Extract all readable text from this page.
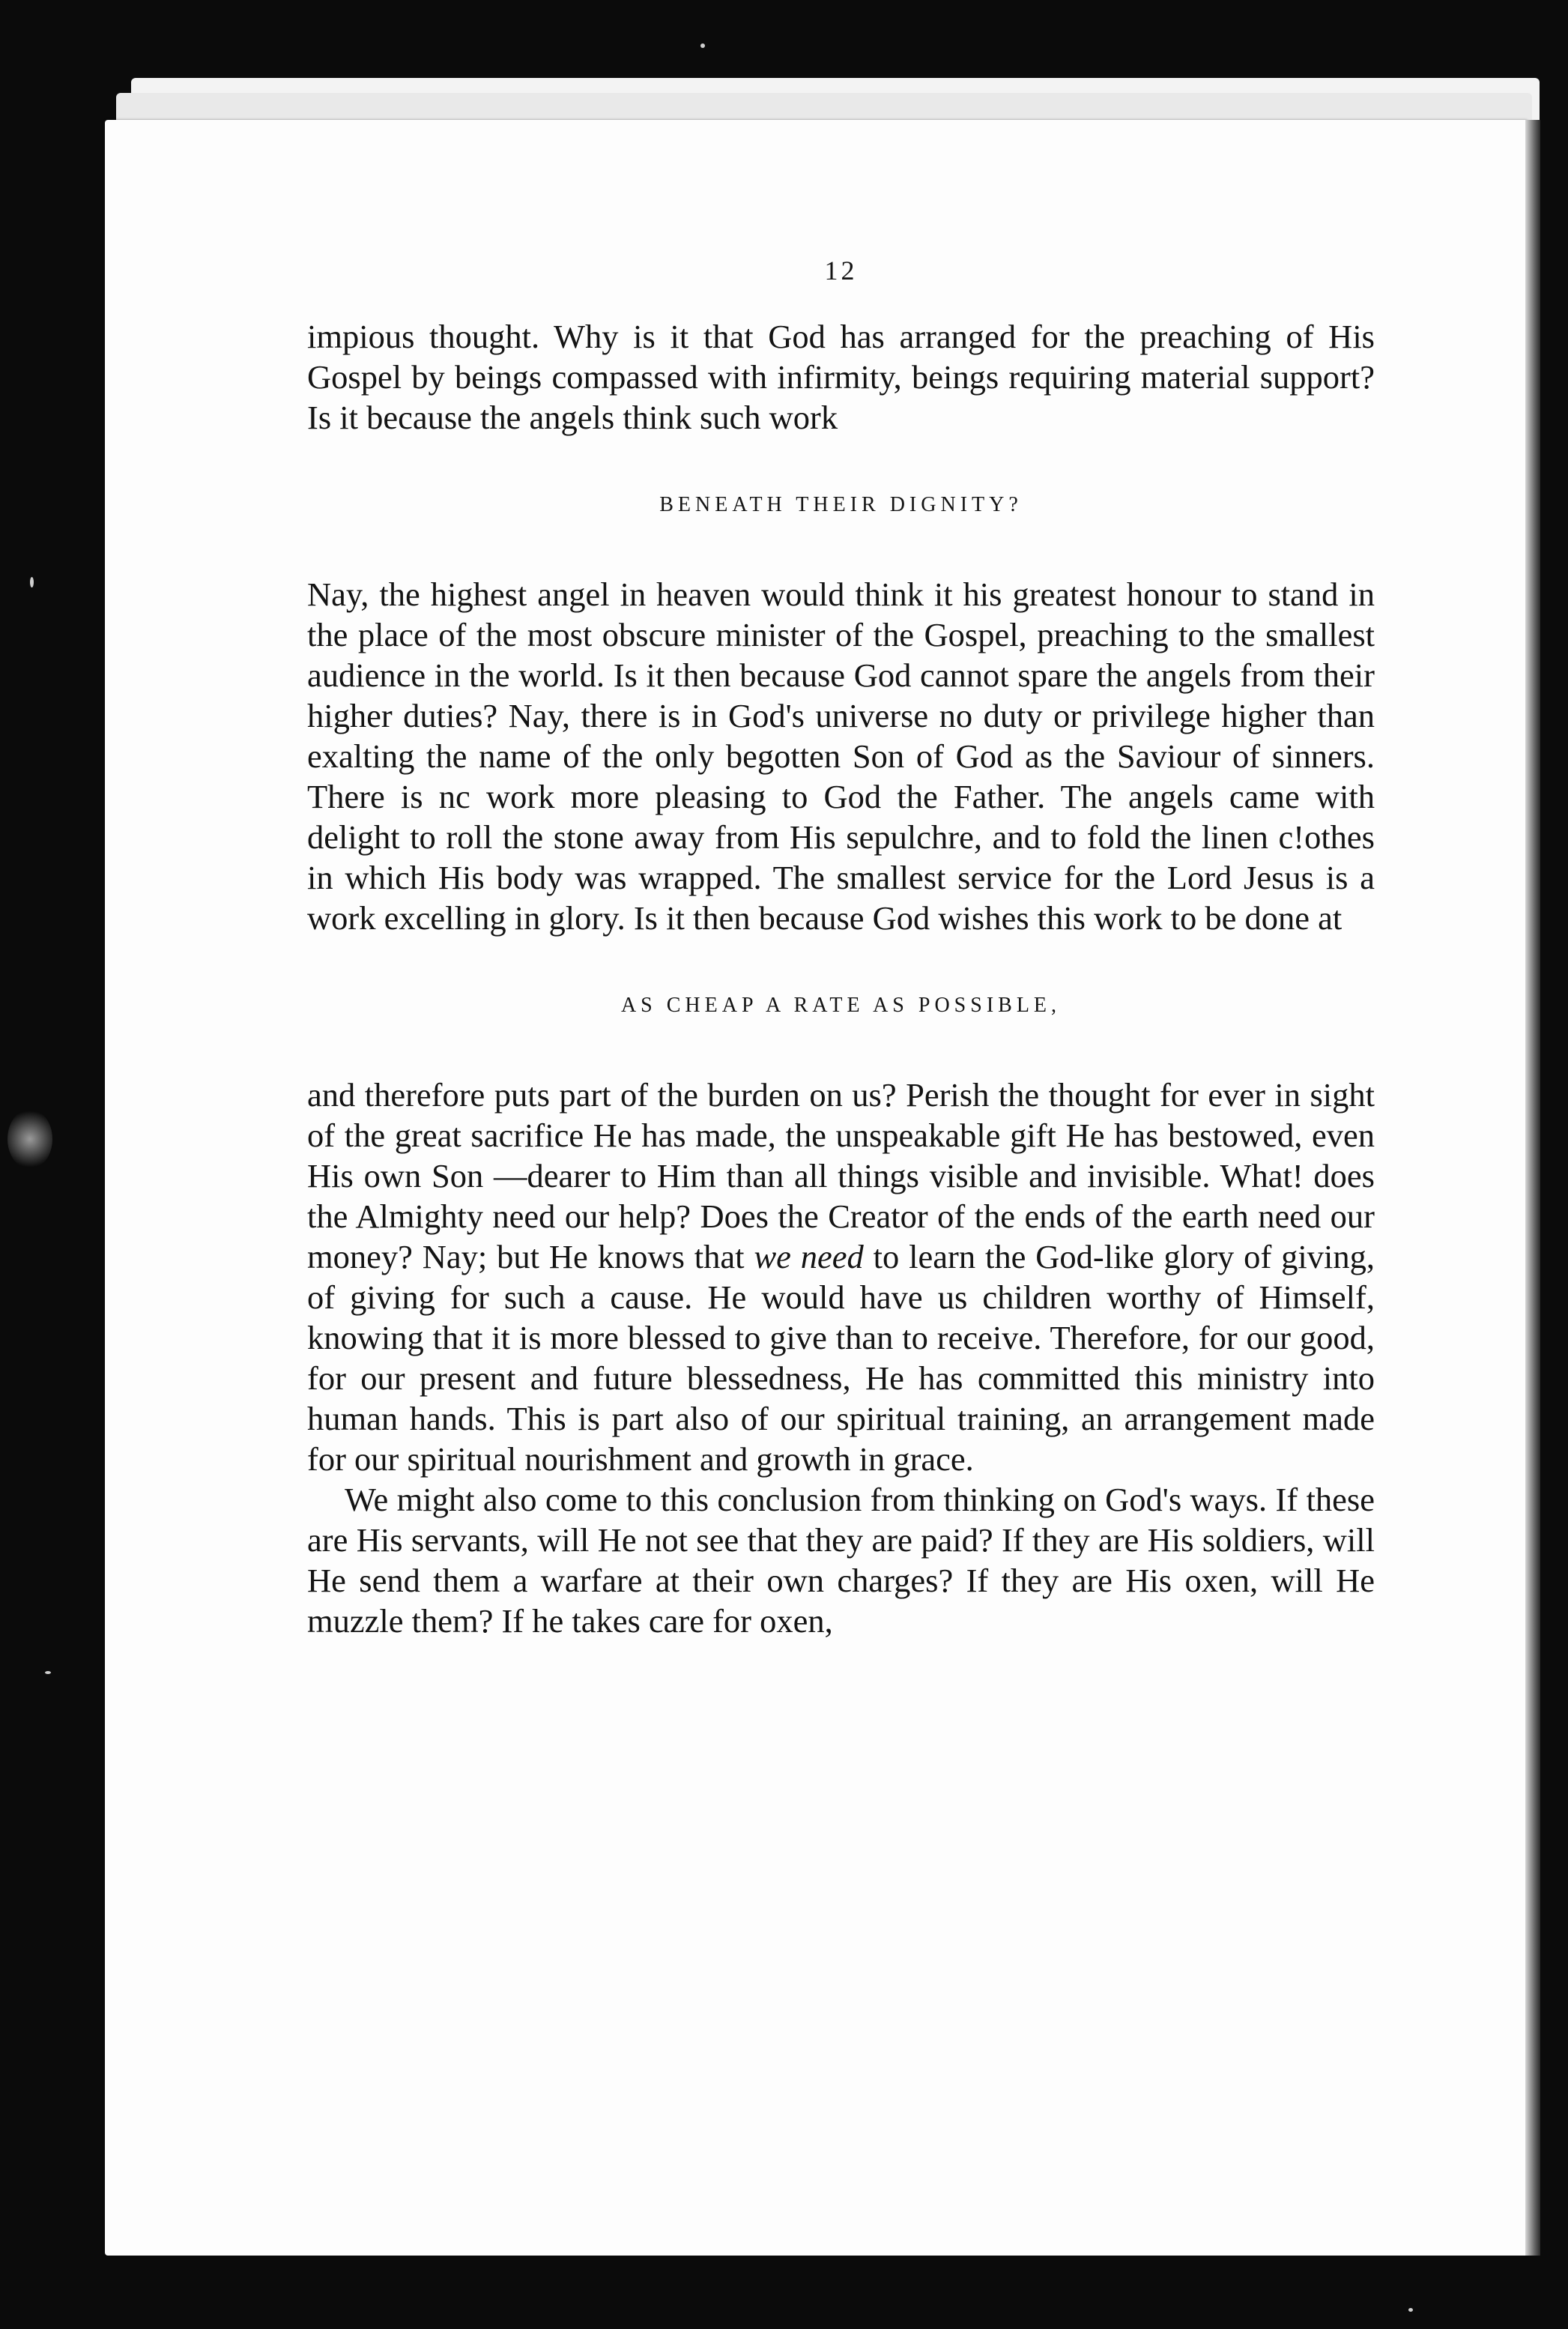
12

impious thought. Why is it that God has arranged for the preaching of His Gospel by beings compassed with infirmity, beings requiring material support? Is it because the angels think such work

BENEATH THEIR DIGNITY?

Nay, the highest angel in heaven would think it his greatest honour to stand in the place of the most obscure minister of the Gospel, preaching to the smallest audience in the world. Is it then because God cannot spare the angels from their higher duties? Nay, there is in God's universe no duty or privilege higher than exalting the name of the only begotten Son of God as the Saviour of sinners. There is nc work more pleasing to God the Father. The angels came with delight to roll the stone away from His sepulchre, and to fold the linen c!othes in which His body was wrapped. The smallest service for the Lord Jesus is a work excelling in glory. Is it then because God wishes this work to be done at

AS CHEAP A RATE AS POSSIBLE,

and therefore puts part of the burden on us? Perish the thought for ever in sight of the great sacrifice He has made, the unspeakable gift He has bestowed, even His own Son —dearer to Him than all things visible and invisible. What! does the Almighty need our help? Does the Creator of the ends of the earth need our money? Nay; but He knows that we need to learn the God-like glory of giving, of giving for such a cause. He would have us children worthy of Himself, knowing that it is more blessed to give than to receive. Therefore, for our good, for our present and future blessedness, He has committed this ministry into human hands. This is part also of our spiritual training, an arrangement made for our spiritual nourishment and growth in grace.

We might also come to this conclusion from thinking on God's ways. If these are His servants, will He not see that they are paid? If they are His soldiers, will He send them a warfare at their own charges? If they are His oxen, will He muzzle them? If he takes care for oxen,
